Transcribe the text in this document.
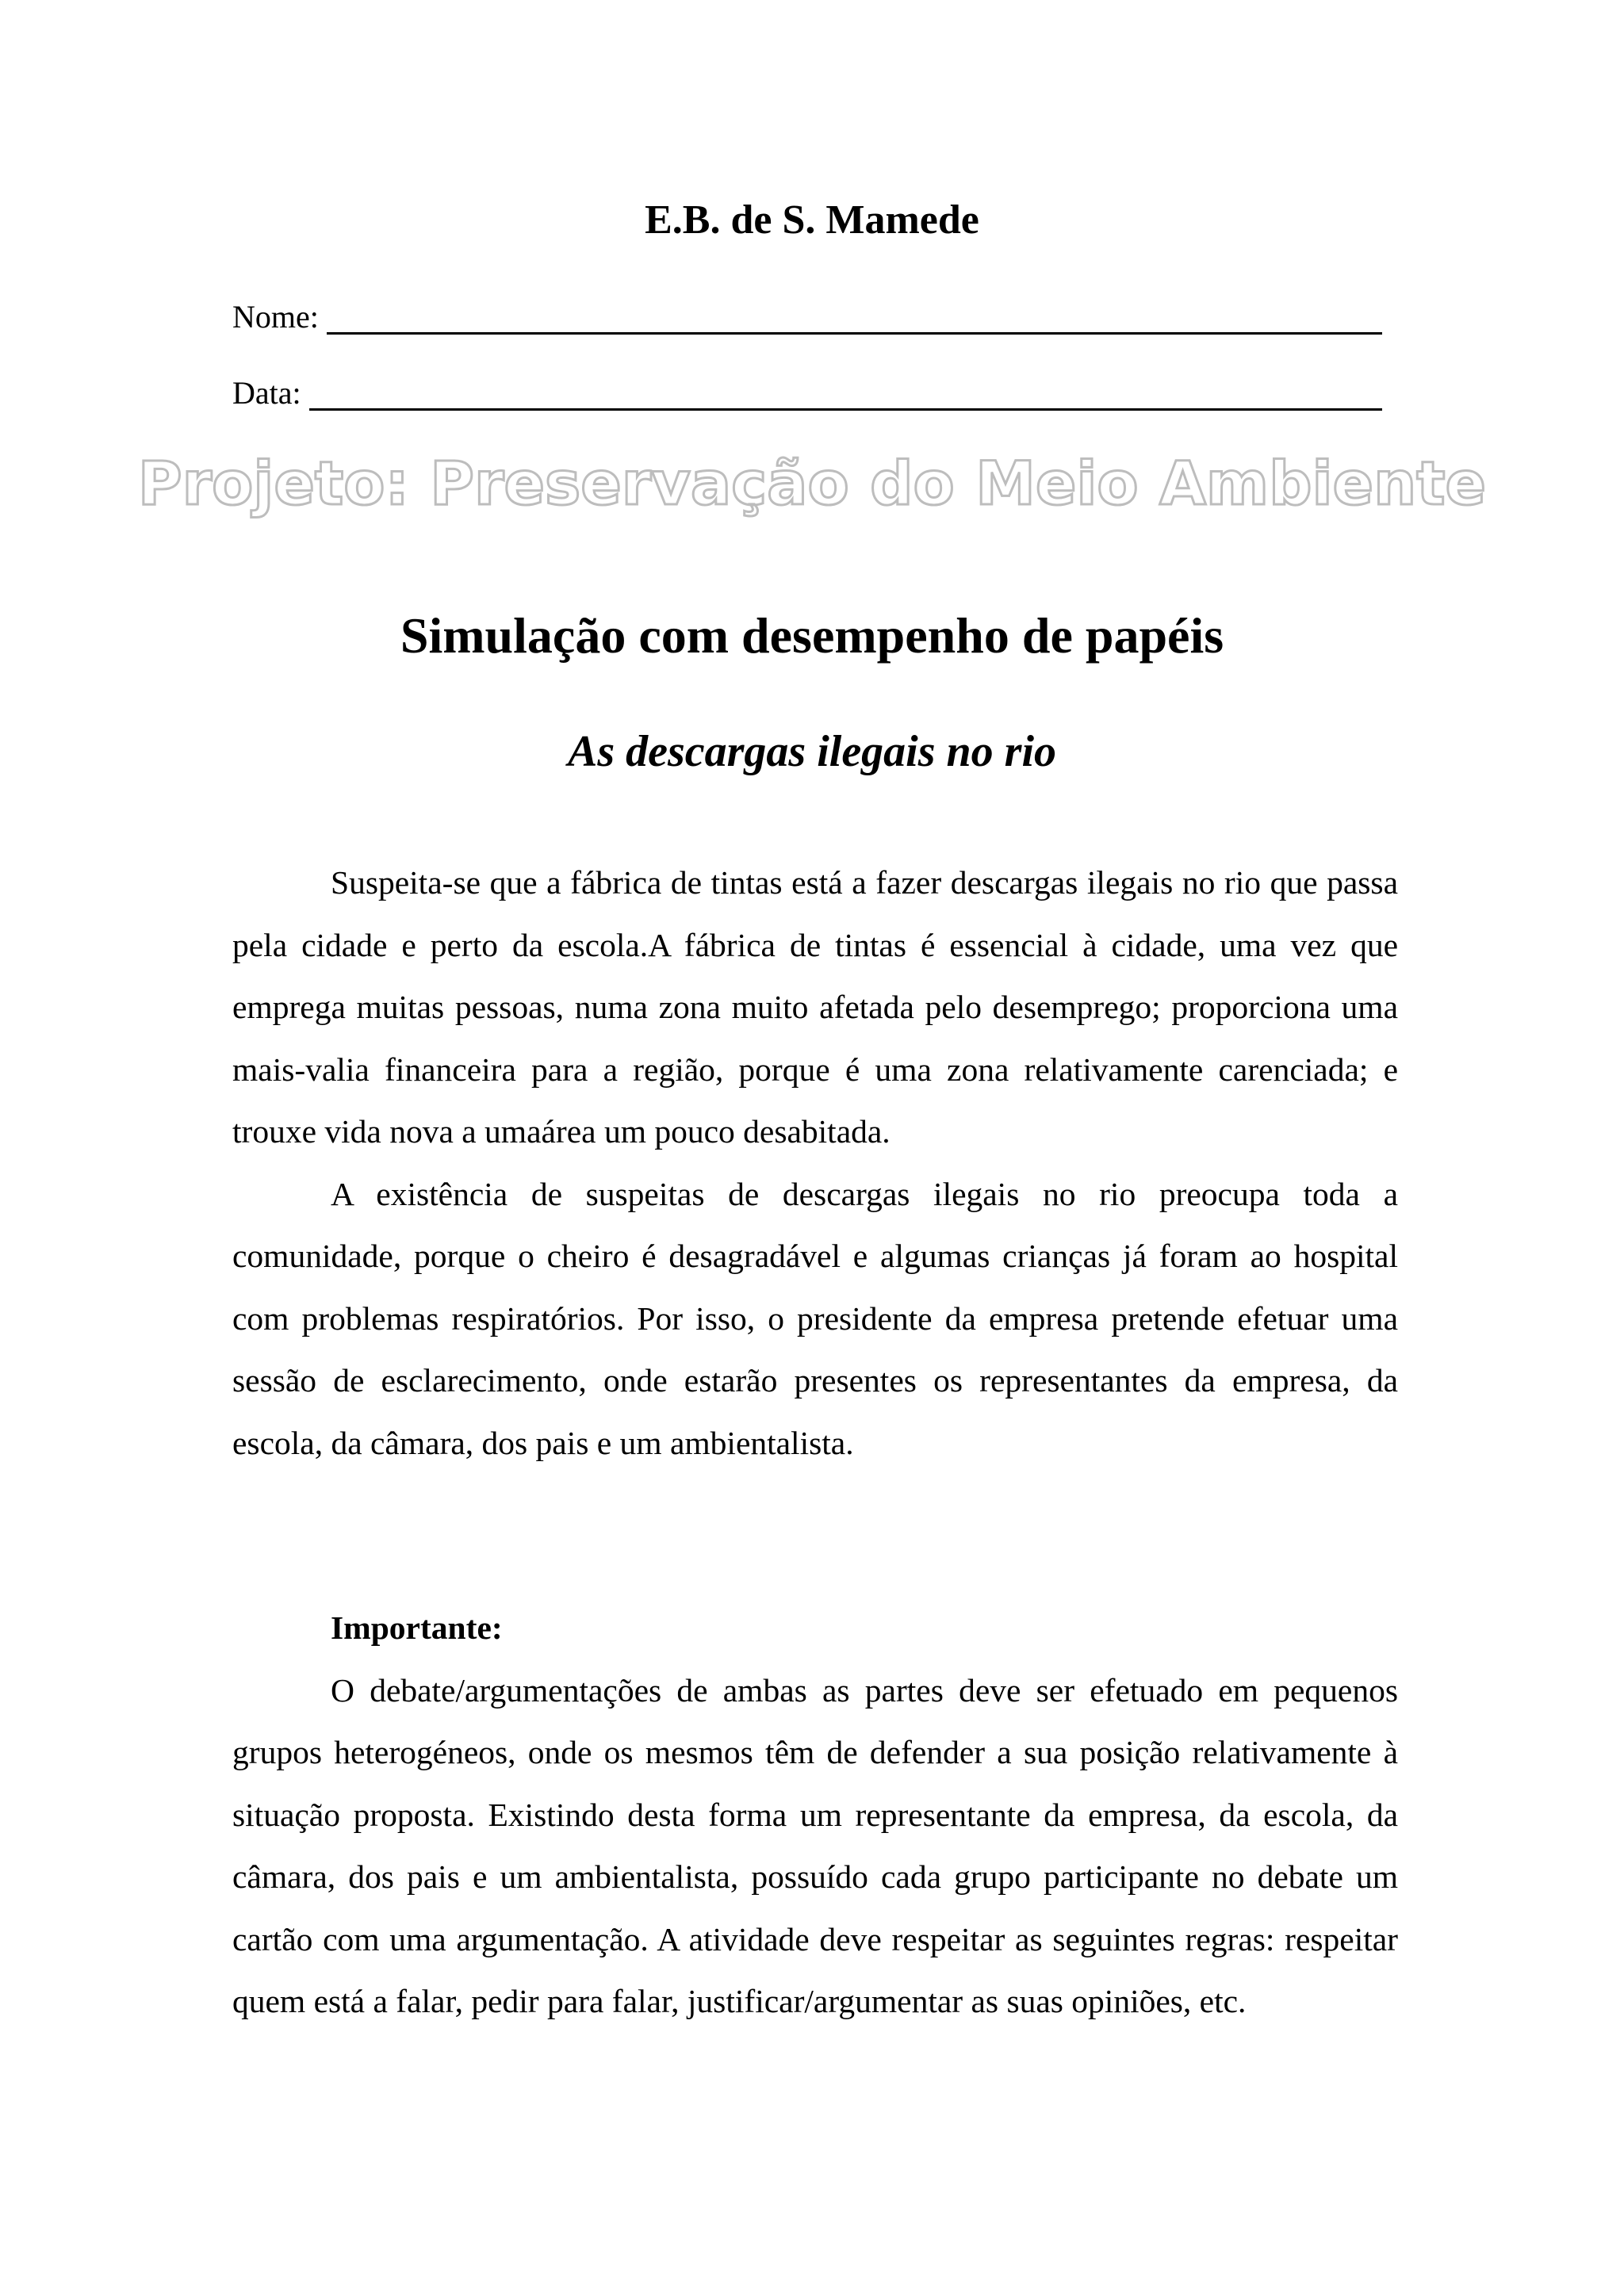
E.B. de S. Mamede
Nome:
Data:
Projeto: Preservação do Meio Ambiente
Simulação com desempenho de papéis
As descargas ilegais no rio

Suspeita-se que a fábrica de tintas está a fazer descargas ilegais no rio que passa pela cidade e perto da escola.A fábrica de tintas é essencial à cidade, uma vez que emprega muitas pessoas, numa zona muito afetada pelo desemprego; proporciona uma mais-valia financeira para a região, porque é uma zona relativamente carenciada; e trouxe vida nova a umaárea um pouco desabitada.

A existência de suspeitas de descargas ilegais no rio preocupa toda a comunidade, porque o cheiro é desagradável e algumas crianças já foram ao hospital com problemas respiratórios. Por isso, o presidente da empresa pretende efetuar uma sessão de esclarecimento, onde estarão presentes os representantes da empresa, da escola, da câmara, dos pais e um ambientalista.

Importante:

O debate/argumentações de ambas as partes deve ser efetuado em pequenos grupos heterogéneos, onde os mesmos têm de defender a sua posição relativamente à situação proposta. Existindo desta forma um representante da empresa, da escola, da câmara, dos pais e um ambientalista, possuído cada grupo participante no debate um cartão com uma argumentação. A atividade deve respeitar as seguintes regras: respeitar quem está a falar, pedir para falar, justificar/argumentar as suas opiniões, etc.
